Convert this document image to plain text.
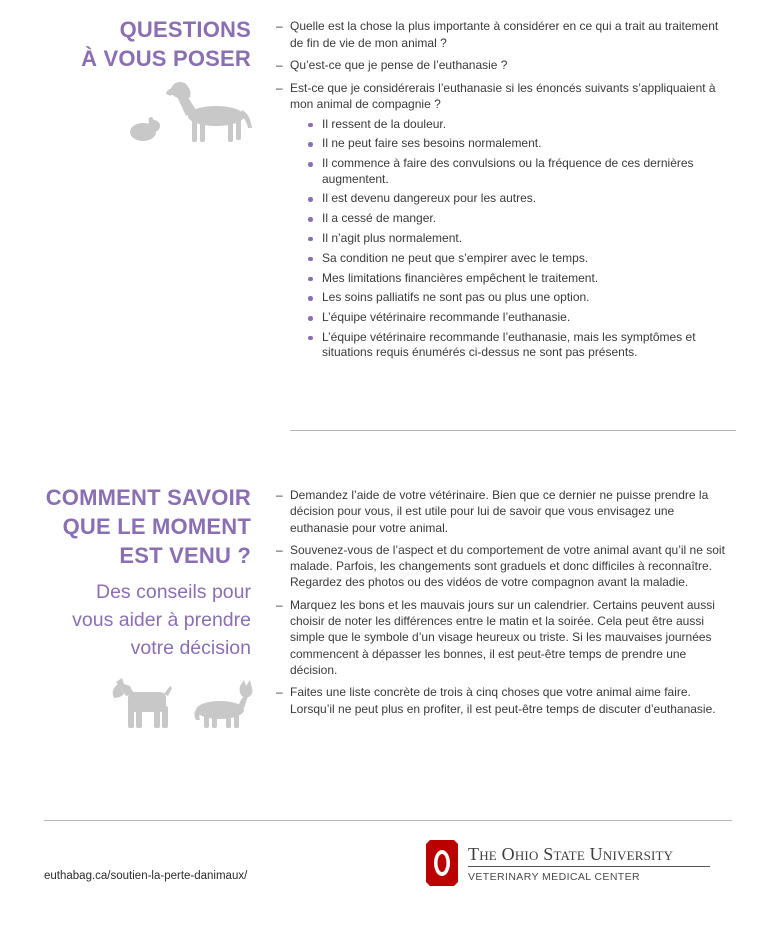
QUESTIONS
À VOUS POSER
– Quelle est la chose la plus importante à considérer en ce qui a trait au traitement de fin de vie de mon animal ?
– Qu’est-ce que je pense de l’euthanasie ?
– Est-ce que je considérerais l’euthanasie si les énoncés suivants s’appliquaient à mon animal de compagnie ?
Il ressent de la douleur.
Il ne peut faire ses besoins normalement.
Il commence à faire des convulsions ou la fréquence de ces dernières augmentent.
Il est devenu dangereux pour les autres.
Il a cessé de manger.
Il n’agit plus normalement.
Sa condition ne peut que s’empirer avec le temps.
Mes limitations financières empêchent le traitement.
Les soins palliatifs ne sont pas ou plus une option.
L’équipe vétérinaire recommande l’euthanasie.
L’équipe vétérinaire recommande l’euthanasie, mais les symptômes et situations requis énumérés ci-dessus ne sont pas présents.
COMMENT SAVOIR
QUE LE MOMENT
EST VENU ?
Des conseils pour
vous aider à prendre
votre décision
– Demandez l’aide de votre vétérinaire. Bien que ce dernier ne puisse prendre la décision pour vous, il est utile pour lui de savoir que vous envisagez une euthanasie pour votre animal.
– Souvenez-vous de l’aspect et du comportement de votre animal avant qu’il ne soit malade. Parfois, les changements sont graduels et donc difficiles à reconnaître. Regardez des photos ou des vidéos de votre compagnon avant la maladie.
– Marquez les bons et les mauvais jours sur un calendrier. Certains peuvent aussi choisir de noter les différences entre le matin et la soirée. Cela peut être aussi simple que le symbole d’un visage heureux ou triste. Si les mauvaises journées commencent à dépasser les bonnes, il est peut-être temps de prendre une décision.
– Faites une liste concrète de trois à cinq choses que votre animal aime faire. Lorsqu’il ne peut plus en profiter, il est peut-être temps de discuter d’euthanasie.
euthabag.ca/soutien-la-perte-danimaux/
The Ohio State University
VETERINARY MEDICAL CENTER
